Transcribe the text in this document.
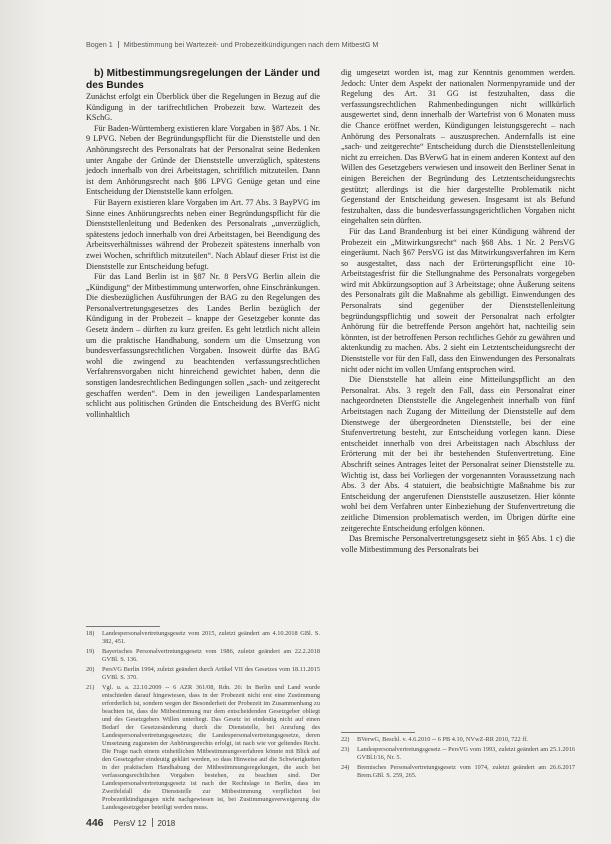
Bogen 1 Mitbestimmung bei Wartezeit- und Probezeitkündigungen nach dem MitbestG M

b) Mitbestimmungsregelungen der Länder und des Bundes

Zunächst erfolgt ein Überblick über die Regelungen in Bezug auf die Kündigung in der tarifrechtlichen Probezeit bzw. Wartezeit des KSchG.

Für Baden-Württemberg existieren klare Vorgaben in §87 Abs. 1 Nr. 9 LPVG. Neben der Begründungspflicht für die Dienststelle und den Anhörungsrecht des Personalrats hat der Personalrat seine Bedenken unter Angabe der Gründe der Dienststelle unverzüglich, spätestens jedoch innerhalb von drei Arbeitstagen, schriftlich mitzuteilen. Dann ist dem Anhörungsrecht nach §86 LPVG Genüge getan und eine Entscheidung der Dienststelle kann erfolgen.

Für Bayern existieren klare Vorgaben im Art. 77 Abs. 3 BayPVG im Sinne eines Anhörungsrechts neben einer Begründungspflicht für die Dienststellenleitung und Bedenken des Personalrats „unverzüglich, spätestens jedoch innerhalb von drei Arbeitstagen, bei Beendigung des Arbeitsverhältnisses während der Probezeit spätestens innerhalb von zwei Wochen, schriftlich mitzuteilen“. Nach Ablauf dieser Frist ist die Dienststelle zur Entscheidung befugt.

Für das Land Berlin ist in §87 Nr. 8 PersVG Berlin allein die „Kündigung“ der Mitbestimmung unterworfen, ohne Einschränkungen. Die diesbezüglichen Ausführungen der BAG zu den Regelungen des Personalvertretungsgesetzes des Landes Berlin bezüglich der Kündigung in der Probezeit – knappe der Gesetzgeber konnte das Gesetz ändern – dürften zu kurz greifen. Es geht letztlich nicht allein um die praktische Handhabung, sondern um die Umsetzung von bundesverfassungsrechtlichen Vorgaben. Insoweit dürfte das BAG wohl die zwingend zu beachtenden verfassungsrechtlichen Verfahrensvorgaben nicht hinreichend gewichtet haben, denn die sonstigen landesrechtlichen Bedingungen sollen „sach- und zeitgerecht geschaffen werden“. Dem in den jeweiligen Landesparlamenten schlicht aus politischen Gründen die Entscheidung des BVerfG nicht vollinhaltlich

dig umgesetzt worden ist, mag zur Kenntnis genommen werden. Jedoch: Unter dem Aspekt der nationalen Normenpyramide und der Regelung des Art. 31 GG ist festzuhalten, dass die verfassungsrechtlichen Rahmenbedingungen nicht willkürlich ausgewertet sind, denn innerhalb der Wartefrist von 6 Monaten muss die Chance eröffnet werden, Kündigungen leistungsgerecht – nach Anhörung des Personalrats – auszusprechen. Andernfalls ist eine „sach- und zeitgerechte“ Entscheidung durch die Dienststellenleitung nicht zu erreichen. Das BVerwG hat in einem anderen Kontext auf den Willen des Gesetzgebers verwiesen und insoweit den Berliner Senat in einigen Bereichen der Begründung des Letztentscheidungsrechts gestützt; allerdings ist die hier dargestellte Problematik nicht Gegenstand der Entscheidung gewesen. Insgesamt ist als Befund festzuhalten, dass die bundesverfassungsgerichtlichen Vorgaben nicht eingehalten sein dürften.

Für das Land Brandenburg ist bei einer Kündigung während der Probezeit ein „Mitwirkungsrecht“ nach §68 Abs. 1 Nr. 2 PersVG eingeräumt. Nach §67 PersVG ist das Mitwirkungsverfahren im Kern so ausgestaltet, dass nach der Erörterungspflicht eine 10-Arbeitstagesfrist für die Stellungnahme des Personalrats vorgegeben wird mit Abkürzungsoption auf 3 Arbeitstage; ohne Äußerung seitens des Personalrats gilt die Maßnahme als gebilligt. Einwendungen des Personalrats sind gegenüber der Dienststellenleitung begründungspflichtig und soweit der Personalrat nach erfolgter Anhörung für die betreffende Person angehört hat, nachteilig sein könnten, ist der betroffenen Person rechtliches Gehör zu gewähren und aktenkundig zu machen. Abs. 2 sieht ein Letztentscheidungsrecht der Dienststelle vor für den Fall, dass den Einwendungen des Personalrats nicht oder nicht im vollen Umfang entsprochen wird.

Die Dienststelle hat allein eine Mitteilungspflicht an den Personalrat. Abs. 3 regelt den Fall, dass ein Personalrat einer nachgeordneten Dienststelle die Angelegenheit innerhalb von fünf Arbeitstagen nach Zugang der Mitteilung der Dienststelle auf dem Dienstwege der übergeordneten Dienststelle, bei der eine Stufenvertretung besteht, zur Entscheidung vorlegen kann. Diese entscheidet innerhalb von drei Arbeitstagen nach Abschluss der Erörterung mit der bei ihr bestehenden Stufenvertretung. Eine Abschrift seines Antrages leitet der Personalrat seiner Dienststelle zu. Wichtig ist, dass bei Vorliegen der vorgenannten Voraussetzung nach Abs. 3 der Abs. 4 statuiert, die beabsichtigte Maßnahme bis zur Entscheidung der angerufenen Dienststelle auszusetzen. Hier könnte wohl bei dem Verfahren unter Einbeziehung der Stufenvertretung die zeitliche Dimension problematisch werden, im Übrigen dürfte eine zeitgerechte Entscheidung erfolgen können.

Das Bremische Personalvertretungsgesetz sieht in §65 Abs. 1 c) die volle Mitbestimmung des Personalrats bei

18)	Landespersonalvertretungsgesetz vom 2015, zuletzt geändert am 4.10.2018 GBl. S. 382, 451.
19)	Bayerisches Personalvertretungsgesetz vom 1986, zuletzt geändert am 22.2.2018 GVBl. S. 136.
20)	PersVG Berlin 1994, zuletzt geändert durch Artikel VII des Gesetzes vom 18.11.2015 GVBl. S. 370.
21)	Vgl. u. a. 22.10.2009 -- 6 AZR 361/08, Rdn. 26: In Berlin und Land wurde entschieden darauf hingewiesen, dass in der Probezeit nicht erst eine Zustimmung erforderlich ist, sondern wegen der Besonderheit der Probezeit im Zusammenhang zu beachten ist, dass die Mitbestimmung nur dem entscheidenden Gesetzgeber obliegt und des Gesetzgebers Willen unterliegt. Das Gesetz ist eindeutig nicht auf einen Bedarf der Gesetzesänderung durch die Dienststelle, bei Anrufung des Landespersonalvertretungsgesetzes; die Landespersonalvertretungsgesetze, deren Umsetzung zugunsten der Anhörungsrechts erfolgt, ist nach wie vor geltendes Recht. Die Frage nach einem einheitlichen Mitbestimmungsverfahren könnte mit Blick auf den Gesetzgeber eindeutig geklärt werden, so dass Hinweise auf die Schwierigkeiten in der praktischen Handhabung der Mitbestimmungsregelungen, die auch bei verfassungsrechtlichen Vorgaben bestehen, zu beachten sind. Der Landespersonalvertretungsgesetz ist nach der Rechtslage in Berlin, dass im Zweifelsfall die Dienststelle zur Mitbestimmung verpflichtet bei Probezeitkündigungen nicht nachgewiesen ist, bei Zustimmungsverweigerung die Landesgesetzgeber beteiligt werden muss.
22)	BVerwG, Beschl. v. 4.6.2010 -- 6 PB 4.10, NVwZ-RR 2010, 722 ff.
23)	Landespersonalvertretungsgesetz -- PersVG vom 1993, zuletzt geändert am 25.1.2016 GVBl.I/16, Nr. 5.
24)	Bremisches Personalvertretungsgesetz vom 1974, zuletzt geändert am 26.6.2017 Brem.GBl. S. 259, 265.
446 PersV 12 2018
